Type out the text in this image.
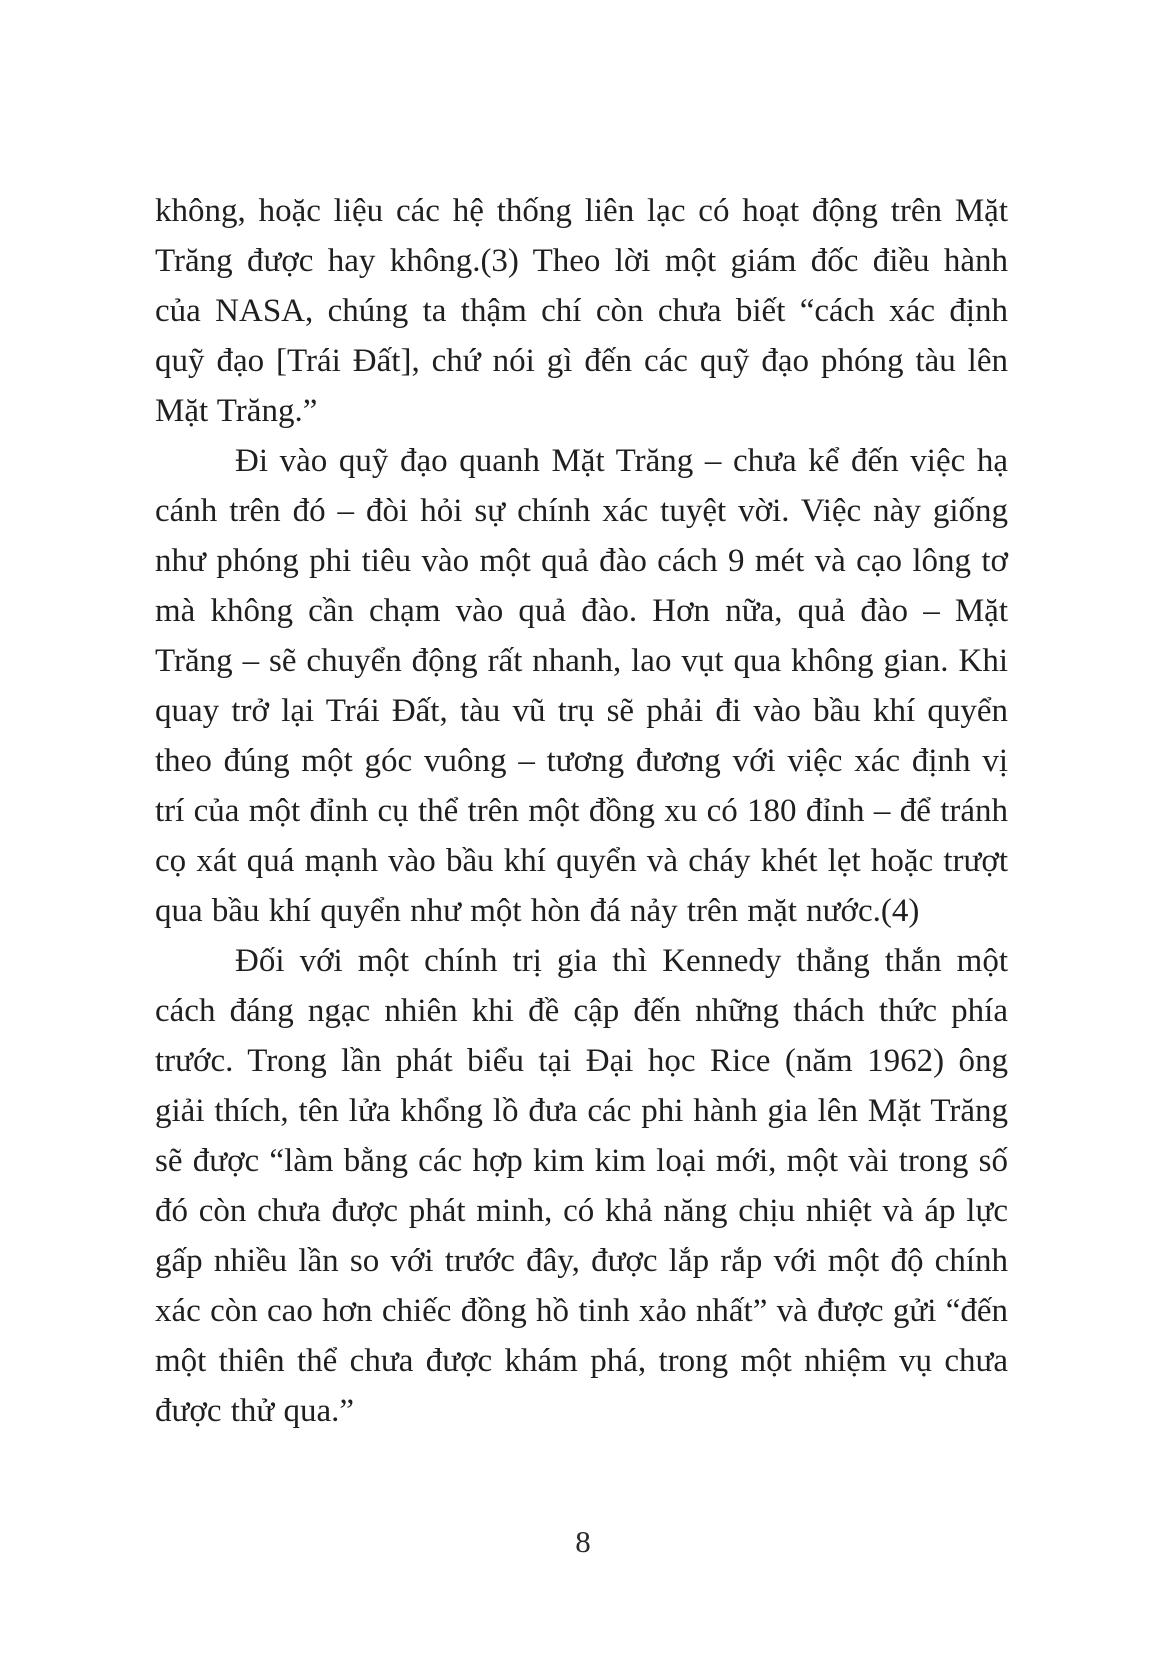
không, hoặc liệu các hệ thống liên lạc có hoạt động trên Mặt Trăng được hay không.(3) Theo lời một giám đốc điều hành của NASA, chúng ta thậm chí còn chưa biết “cách xác định quỹ đạo [Trái Đất], chứ nói gì đến các quỹ đạo phóng tàu lên Mặt Trăng.”

Đi vào quỹ đạo quanh Mặt Trăng – chưa kể đến việc hạ cánh trên đó – đòi hỏi sự chính xác tuyệt vời. Việc này giống như phóng phi tiêu vào một quả đào cách 9 mét và cạo lông tơ mà không cần chạm vào quả đào. Hơn nữa, quả đào – Mặt Trăng – sẽ chuyển động rất nhanh, lao vụt qua không gian. Khi quay trở lại Trái Đất, tàu vũ trụ sẽ phải đi vào bầu khí quyển theo đúng một góc vuông – tương đương với việc xác định vị trí của một đỉnh cụ thể trên một đồng xu có 180 đỉnh – để tránh cọ xát quá mạnh vào bầu khí quyển và cháy khét lẹt hoặc trượt qua bầu khí quyển như một hòn đá nảy trên mặt nước.(4)

Đối với một chính trị gia thì Kennedy thẳng thắn một cách đáng ngạc nhiên khi đề cập đến những thách thức phía trước. Trong lần phát biểu tại Đại học Rice (năm 1962) ông giải thích, tên lửa khổng lồ đưa các phi hành gia lên Mặt Trăng sẽ được “làm bằng các hợp kim kim loại mới, một vài trong số đó còn chưa được phát minh, có khả năng chịu nhiệt và áp lực gấp nhiều lần so với trước đây, được lắp rắp với một độ chính xác còn cao hơn chiếc đồng hồ tinh xảo nhất” và được gửi “đến một thiên thể chưa được khám phá, trong một nhiệm vụ chưa được thử qua.”

8
